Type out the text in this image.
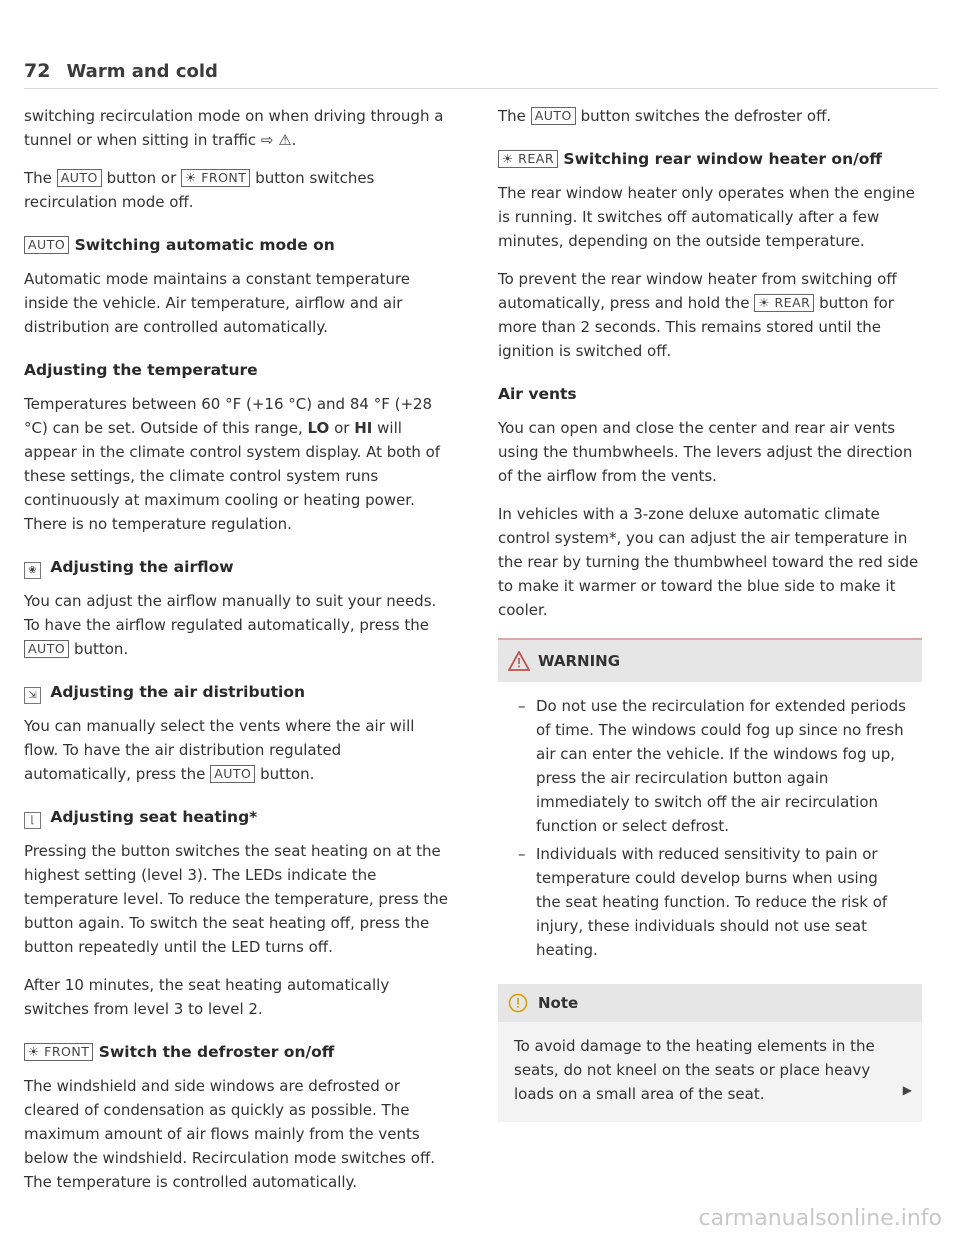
72 Warm and cold

switching recirculation mode on when driving through a tunnel or when sitting in traffic ⇨ ⚠.

The AUTO button or ☀ FRONT button switches recirculation mode off.

AUTO Switching automatic mode on

Automatic mode maintains a constant temperature inside the vehicle. Air temperature, airflow and air distribution are controlled automatically.

Adjusting the temperature

Temperatures between 60 °F (+16 °C) and 84 °F (+28 °C) can be set. Outside of this range, LO or HI will appear in the climate control system display. At both of these settings, the climate control system runs continuously at maximum cooling or heating power. There is no temperature regulation.

❀ Adjusting the airflow

You can adjust the airflow manually to suit your needs. To have the airflow regulated automatically, press the AUTO button.

⇲ Adjusting the air distribution

You can manually select the vents where the air will flow. To have the air distribution regulated automatically, press the AUTO button.

⌊ Adjusting seat heating*

Pressing the button switches the seat heating on at the highest setting (level 3). The LEDs indicate the temperature level. To reduce the temperature, press the button again. To switch the seat heating off, press the button repeatedly until the LED turns off.

After 10 minutes, the seat heating automatically switches from level 3 to level 2.

☀ FRONT Switch the defroster on/off

The windshield and side windows are defrosted or cleared of condensation as quickly as possible. The maximum amount of air flows mainly from the vents below the windshield. Recirculation mode switches off. The temperature is controlled automatically.

The AUTO button switches the defroster off.

☀ REAR Switching rear window heater on/off

The rear window heater only operates when the engine is running. It switches off automatically after a few minutes, depending on the outside temperature.

To prevent the rear window heater from switching off automatically, press and hold the ☀ REAR button for more than 2 seconds. This remains stored until the ignition is switched off.

Air vents

You can open and close the center and rear air vents using the thumbwheels. The levers adjust the direction of the airflow from the vents.

In vehicles with a 3-zone deluxe automatic climate control system*, you can adjust the air temperature in the rear by turning the thumbwheel toward the red side to make it warmer or toward the blue side to make it cooler.

WARNING
– Do not use the recirculation for extended periods of time. The windows could fog up since no fresh air can enter the vehicle. If the windows fog up, press the air recirculation button again immediately to switch off the air recirculation function or select defrost.
– Individuals with reduced sensitivity to pain or temperature could develop burns when using the seat heating function. To reduce the risk of injury, these individuals should not use seat heating.
Note
To avoid damage to the heating elements in the seats, do not kneel on the seats or place heavy loads on a small area of the seat.	▶
carmanualsonline.info
